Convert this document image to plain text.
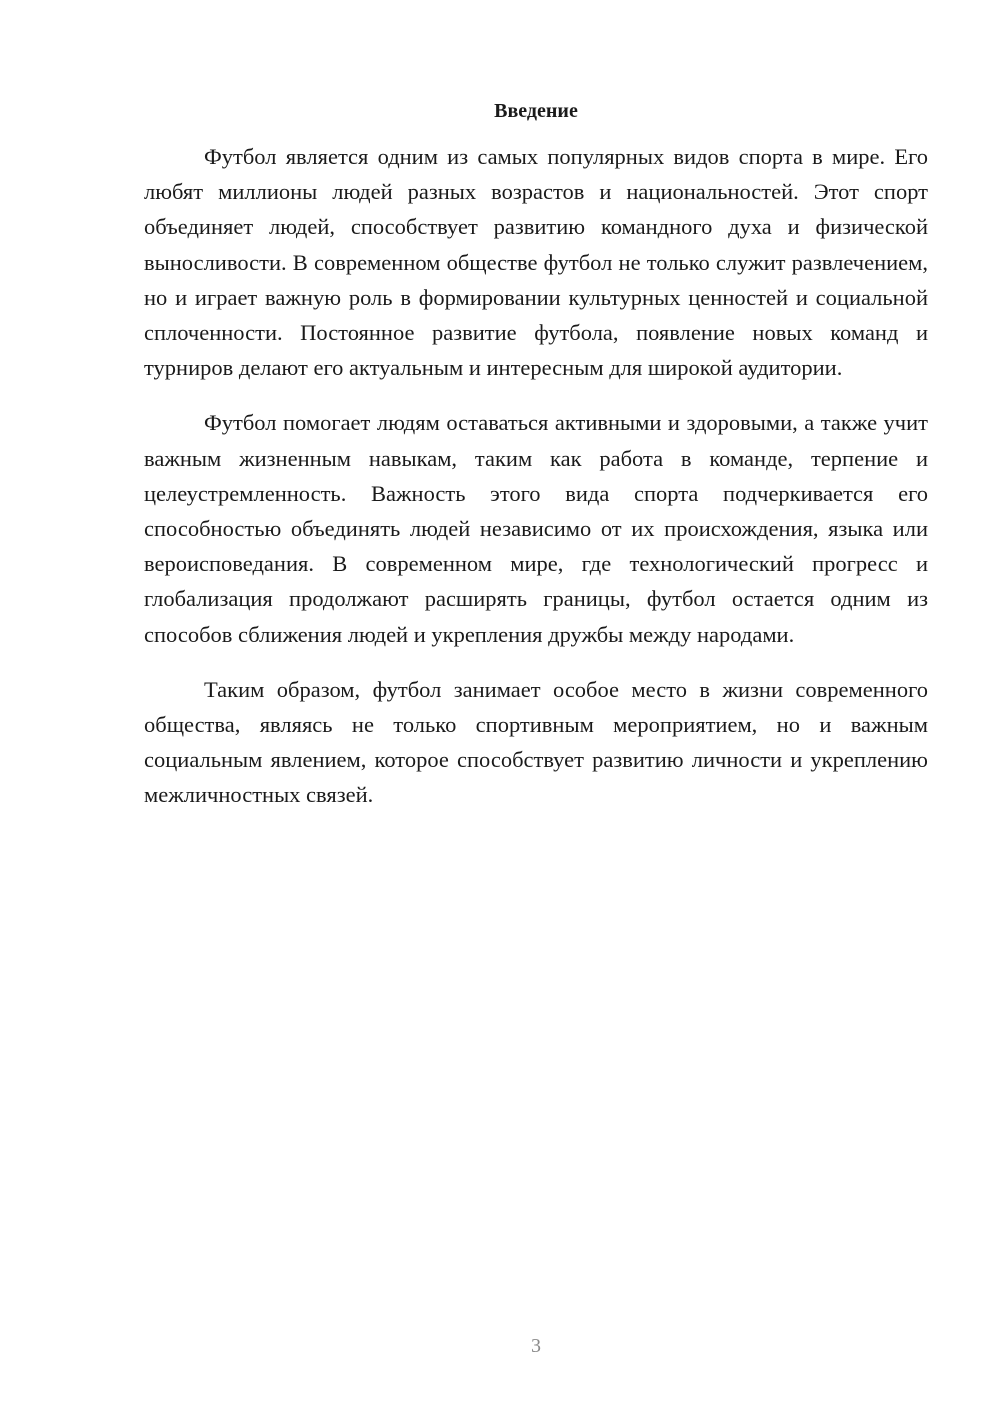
Введение

Футбол является одним из самых популярных видов спорта в мире. Его любят миллионы людей разных возрастов и национальностей. Этот спорт объединяет людей, способствует развитию командного духа и физической выносливости. В современном обществе футбол не только служит развлечением, но и играет важную роль в формировании культурных ценностей и социальной сплоченности. Постоянное развитие футбола, появление новых команд и турниров делают его актуальным и интересным для широкой аудитории.

Футбол помогает людям оставаться активными и здоровыми, а также учит важным жизненным навыкам, таким как работа в команде, терпение и целеустремленность. Важность этого вида спорта подчеркивается его способностью объединять людей независимо от их происхождения, языка или вероисповедания. В современном мире, где технологический прогресс и глобализация продолжают расширять границы, футбол остается одним из способов сближения людей и укрепления дружбы между народами.

Таким образом, футбол занимает особое место в жизни современного общества, являясь не только спортивным мероприятием, но и важным социальным явлением, которое способствует развитию личности и укреплению межличностных связей.

3
